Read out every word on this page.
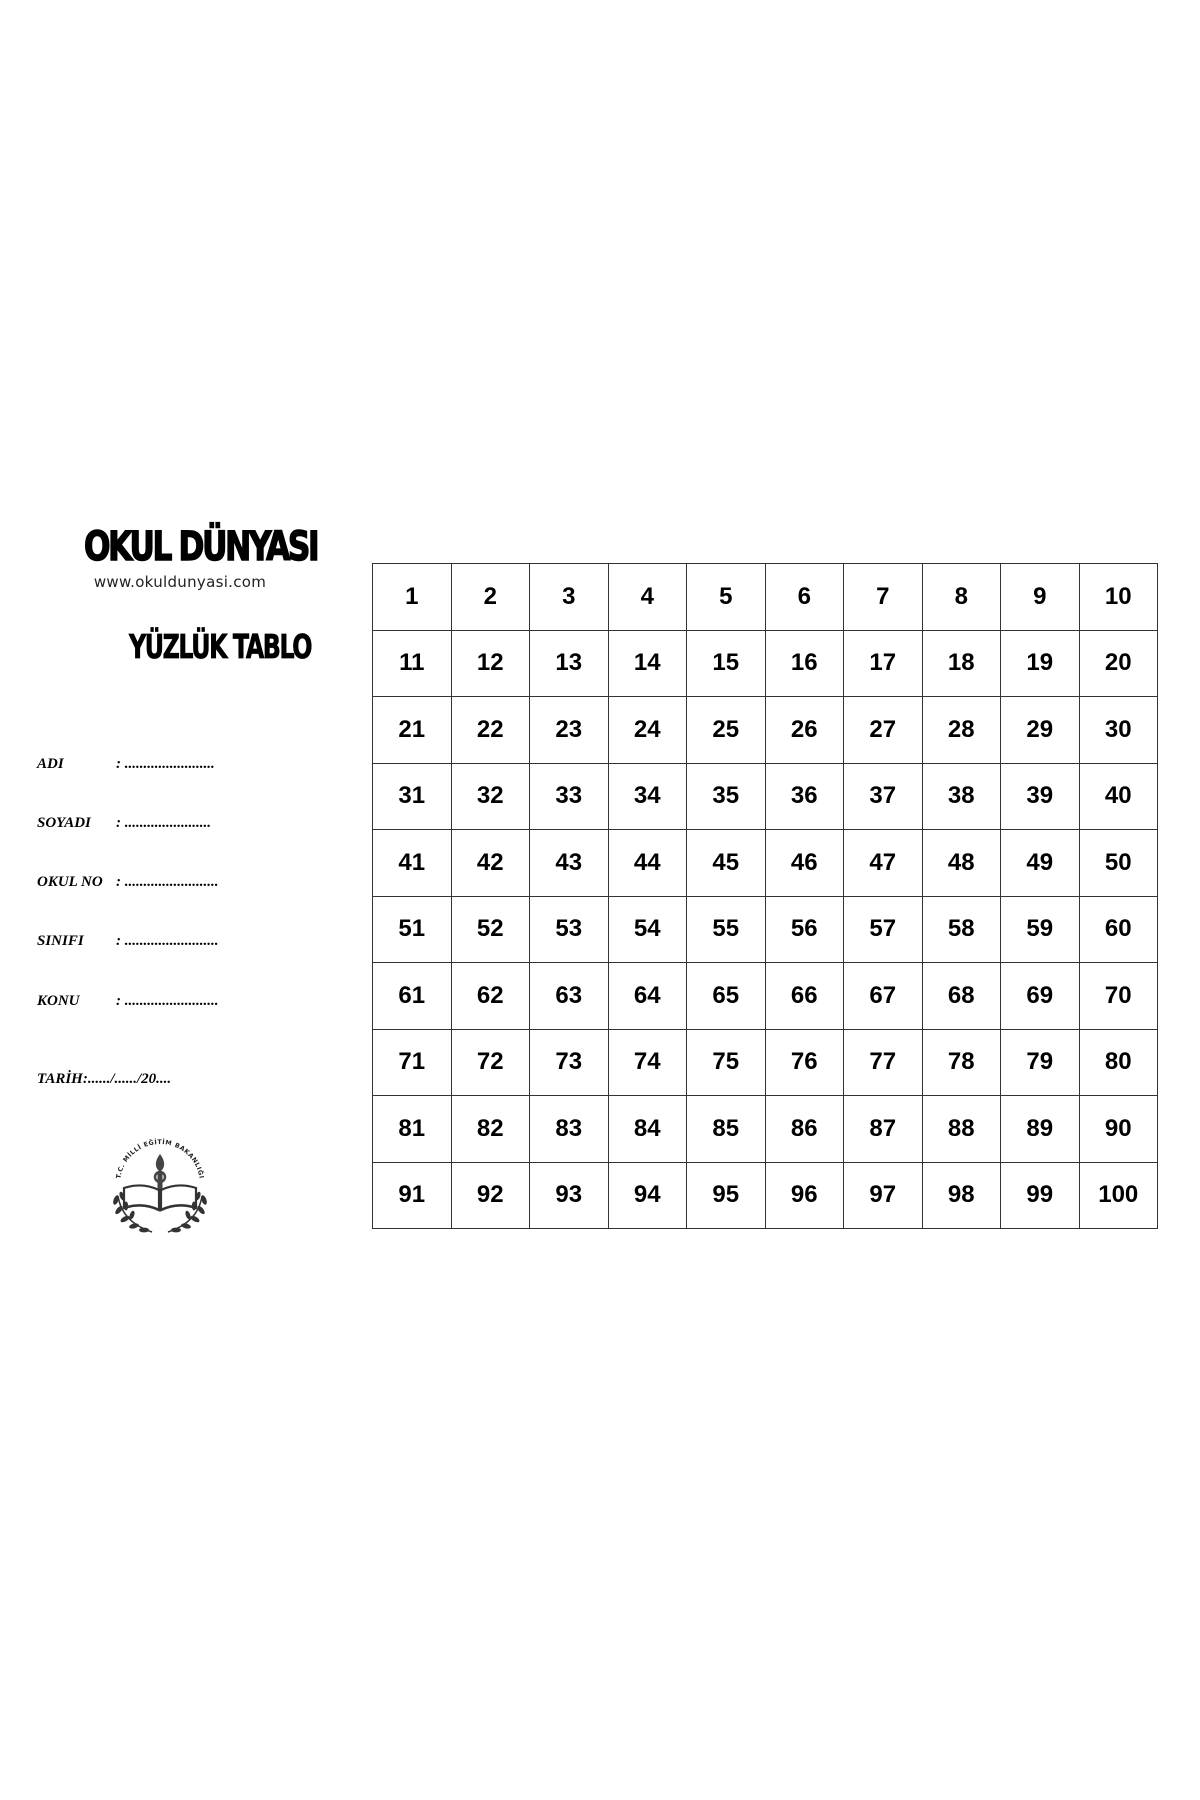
OKUL DÜNYASI
www.okuldunyasi.com
YÜZLÜK TABLO
ADI	: ........................
SOYADI : .......................
OKUL NO : .........................
SINIFI : .........................
KONU : .........................
TARİH:....../....../20....
T.C. MİLLÎ EĞİTİM BAKANLIĞI
1	2	3	4	5	6	7	8	9	10
11	12	13	14	15	16	17	18	19	20
21	22	23	24	25	26	27	28	29	30
31	32	33	34	35	36	37	38	39	40
41	42	43	44	45	46	47	48	49	50
51	52	53	54	55	56	57	58	59	60
61	62	63	64	65	66	67	68	69	70
71	72	73	74	75	76	77	78	79	80
81	82	83	84	85	86	87	88	89	90
91	92	93	94	95	96	97	98	99	100
